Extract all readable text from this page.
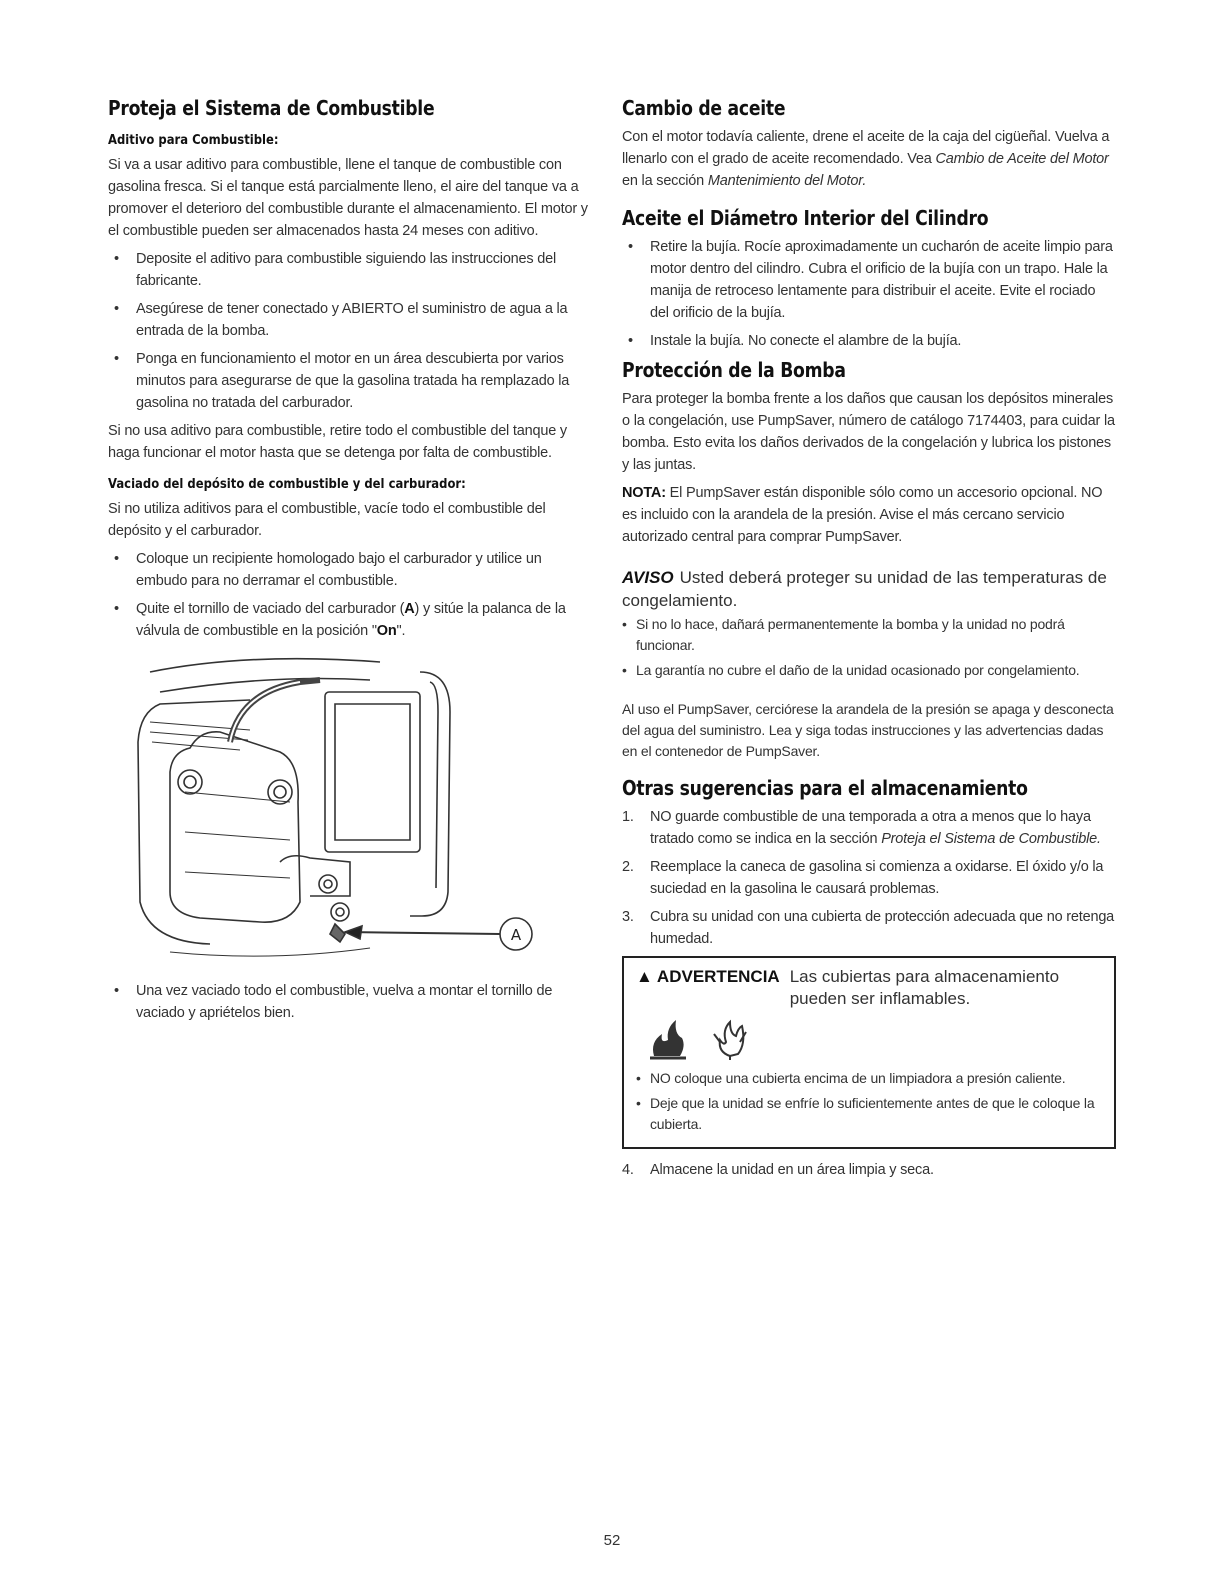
Proteja el Sistema de Combustible
Aditivo para Combustible:

Si va a usar aditivo para combustible, llene el tanque de combustible con gasolina fresca. Si el tanque está parcialmente lleno, el aire del tanque va a promover el deterioro del combustible durante el almacenamiento. El motor y el combustible pueden ser almacenados hasta 24 meses con aditivo.

• Deposite el aditivo para combustible siguiendo las instrucciones del fabricante.
• Asegúrese de tener conectado y ABIERTO el suministro de agua a la entrada de la bomba.
• Ponga en funcionamiento el motor en un área descubierta por varios minutos para asegurarse de que la gasolina tratada ha remplazado la gasolina no tratada del carburador.

Si no usa aditivo para combustible, retire todo el combustible del tanque y haga funcionar el motor hasta que se detenga por falta de combustible.

Vaciado del depósito de combustible y del carburador:

Si no utiliza aditivos para el combustible, vacíe todo el combustible del depósito y el carburador.

• Coloque un recipiente homologado bajo el carburador y utilice un embudo para no derramar el combustible.
• Quite el tornillo de vaciado del carburador (A) y sitúe la palanca de la válvula de combustible en la posición "On".
A
• Una vez vaciado todo el combustible, vuelva a montar el tornillo de vaciado y apriételos bien.
Cambio de aceite

Con el motor todavía caliente, drene el aceite de la caja del cigüeñal. Vuelva a llenarlo con el grado de aceite recomendado. Vea Cambio de Aceite del Motor en la sección Mantenimiento del Motor.

Aceite el Diámetro Interior del Cilindro
• Retire la bujía. Rocíe aproximadamente un cucharón de aceite limpio para motor dentro del cilindro. Cubra el orificio de la bujía con un trapo. Hale la manija de retroceso lentamente para distribuir el aceite. Evite el rociado del orificio de la bujía.
• Instale la bujía. No conecte el alambre de la bujía.
Protección de la Bomba

Para proteger la bomba frente a los daños que causan los depósitos minerales o la congelación, use PumpSaver, número de catálogo 7174403, para cuidar la bomba. Esto evita los daños derivados de la congelación y lubrica los pistones y las juntas.

NOTA: El PumpSaver están disponible sólo como un accesorio opcional. NO es incluido con la arandela de la presión. Avise el más cercano servicio autorizado central para comprar PumpSaver.

AVISO Usted deberá proteger su unidad de las temperaturas de congelamiento.
• Si no lo hace, dañará permanentemente la bomba y la unidad no podrá funcionar.
• La garantía no cubre el daño de la unidad ocasionado por congelamiento.

Al uso el PumpSaver, cerciórese la arandela de la presión se apaga y desconecta del agua del suministro. Lea y siga todas instrucciones y las advertencias dadas en el contenedor de PumpSaver.

Otras sugerencias para el almacenamiento
1. NO guarde combustible de una temporada a otra a menos que lo haya tratado como se indica en la sección Proteja el Sistema de Combustible.
2. Reemplace la caneca de gasolina si comienza a oxidarse. El óxido y/o la suciedad en la gasolina le causará problemas.
3. Cubra su unidad con una cubierta de protección adecuada que no retenga humedad.
▲ ADVERTENCIA Las cubiertas para almacenamiento pueden ser inflamables.
• NO coloque una cubierta encima de un limpiadora a presión caliente.
• Deje que la unidad se enfríe lo suficientemente antes de que le coloque la cubierta.
4. Almacene la unidad en un área limpia y seca.
52
